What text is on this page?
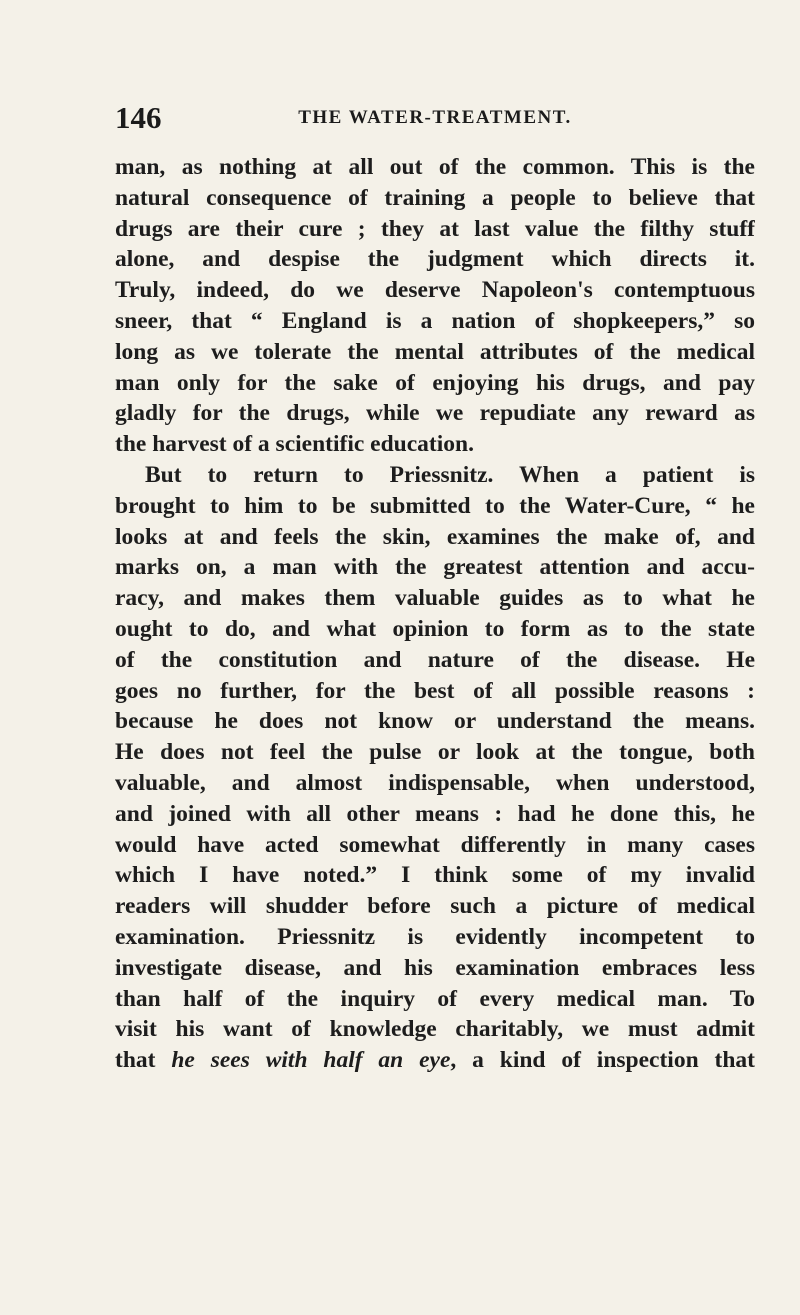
146	THE WATER-TREATMENT.
man, as nothing at all out of the common. This is the
natural consequence of training a people to believe that
drugs are their cure ; they at last value the filthy stuff
alone, and despise the judgment which directs it.
Truly, indeed, do we deserve Napoleon's contemptuous
sneer, that “ England is a nation of shopkeepers,” so
long as we tolerate the mental attributes of the medical
man only for the sake of enjoying his drugs, and pay
gladly for the drugs, while we repudiate any reward as
the harvest of a scientific education.
But to return to Priessnitz. When a patient is
brought to him to be submitted to the Water-Cure, “ he
looks at and feels the skin, examines the make of, and
marks on, a man with the greatest attention and accu-
racy, and makes them valuable guides as to what he
ought to do, and what opinion to form as to the state
of the constitution and nature of the disease. He
goes no further, for the best of all possible reasons :
because he does not know or understand the means.
He does not feel the pulse or look at the tongue, both
valuable, and almost indispensable, when understood,
and joined with all other means : had he done this, he
would have acted somewhat differently in many cases
which I have noted.” I think some of my invalid
readers will shudder before such a picture of medical
examination. Priessnitz is evidently incompetent to
investigate disease, and his examination embraces less
than half of the inquiry of every medical man. To
visit his want of knowledge charitably, we must admit
that he sees with half an eye, a kind of inspection that
